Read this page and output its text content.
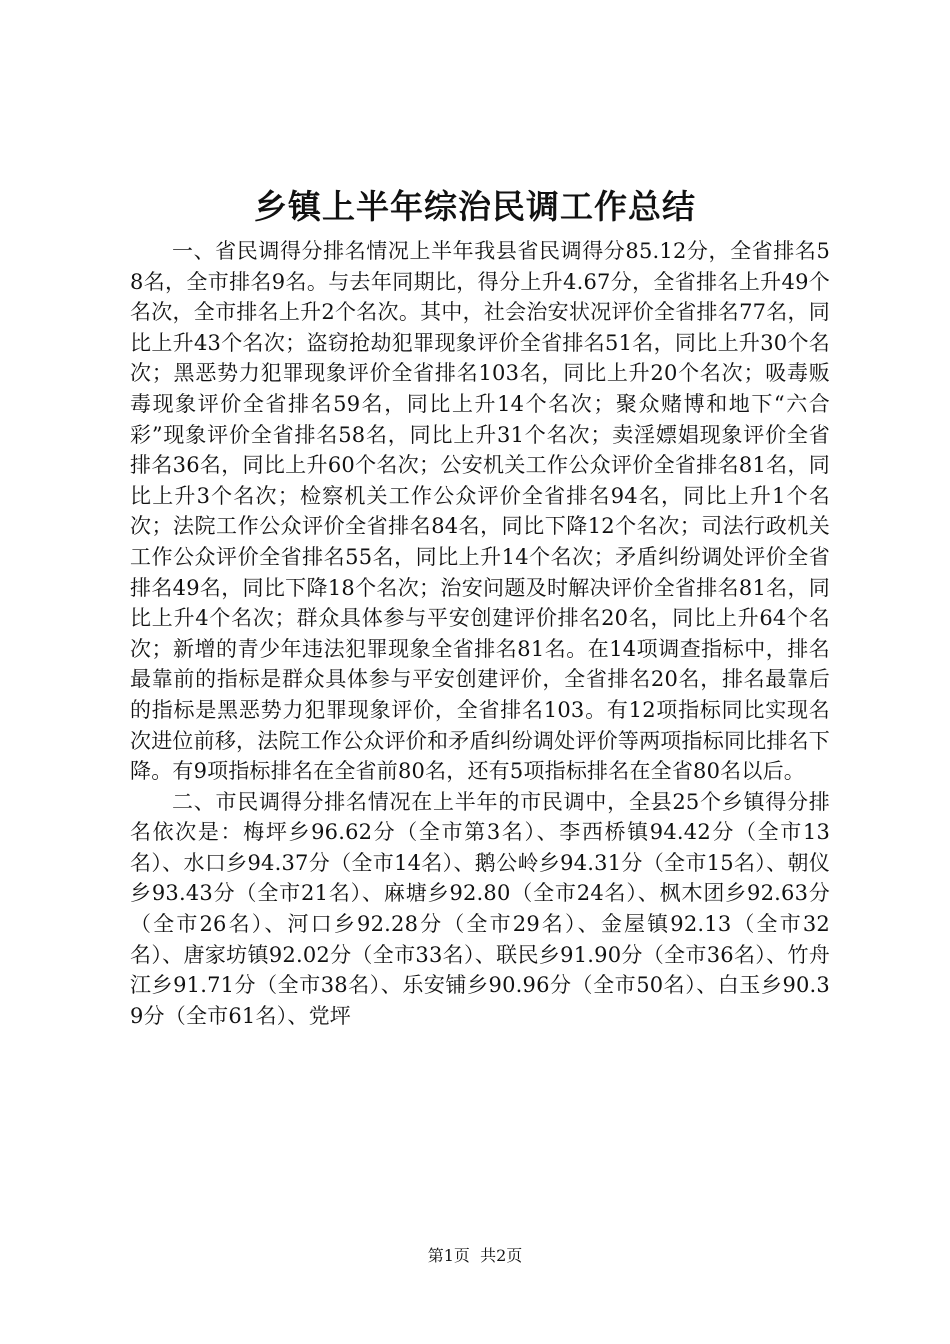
乡镇上半年综治民调工作总结

一、省民调得分排名情况上半年我县省民调得分85.12分，全省排名58名，全市排名9名。与去年同期比，得分上升4.67分，全省排名上升49个名次，全市排名上升2个名次。其中，社会治安状况评价全省排名77名，同比上升43个名次；盗窃抢劫犯罪现象评价全省排名51名，同比上升30个名次；黑恶势力犯罪现象评价全省排名103名，同比上升20个名次；吸毒贩毒现象评价全省排名59名，同比上升14个名次；聚众赌博和地下“六合彩”现象评价全省排名58名，同比上升31个名次；卖淫嫖娼现象评价全省排名36名，同比上升60个名次；公安机关工作公众评价全省排名81名，同比上升3个名次；检察机关工作公众评价全省排名94名，同比上升1个名次；法院工作公众评价全省排名84名，同比下降12个名次；司法行政机关工作公众评价全省排名55名，同比上升14个名次；矛盾纠纷调处评价全省排名49名，同比下降18个名次；治安问题及时解决评价全省排名81名，同比上升4个名次；群众具体参与平安创建评价排名20名，同比上升64个名次；新增的青少年违法犯罪现象全省排名81名。在14项调查指标中，排名最靠前的指标是群众具体参与平安创建评价，全省排名20名，排名最靠后的指标是黑恶势力犯罪现象评价，全省排名103。有12项指标同比实现名次进位前移，法院工作公众评价和矛盾纠纷调处评价等两项指标同比排名下降。有9项指标排名在全省前80名，还有5项指标排名在全省80名以后。

二、市民调得分排名情况在上半年的市民调中，全县25个乡镇得分排名依次是：梅坪乡96.62分（全市第3名）、李西桥镇94.42分（全市13名）、水口乡94.37分（全市14名）、鹅公岭乡94.31分（全市15名）、朝仪乡93.43分（全市21名）、麻塘乡92.80（全市24名）、枫木团乡92.63分（全市26名）、河口乡92.28分（全市29名）、金屋镇92.13（全市32名）、唐家坊镇92.02分（全市33名）、联民乡91.90分（全市36名）、竹舟江乡91.71分（全市38名）、乐安铺乡90.96分（全市50名）、白玉乡90.39分（全市61名）、党坪

第1页  共2页
